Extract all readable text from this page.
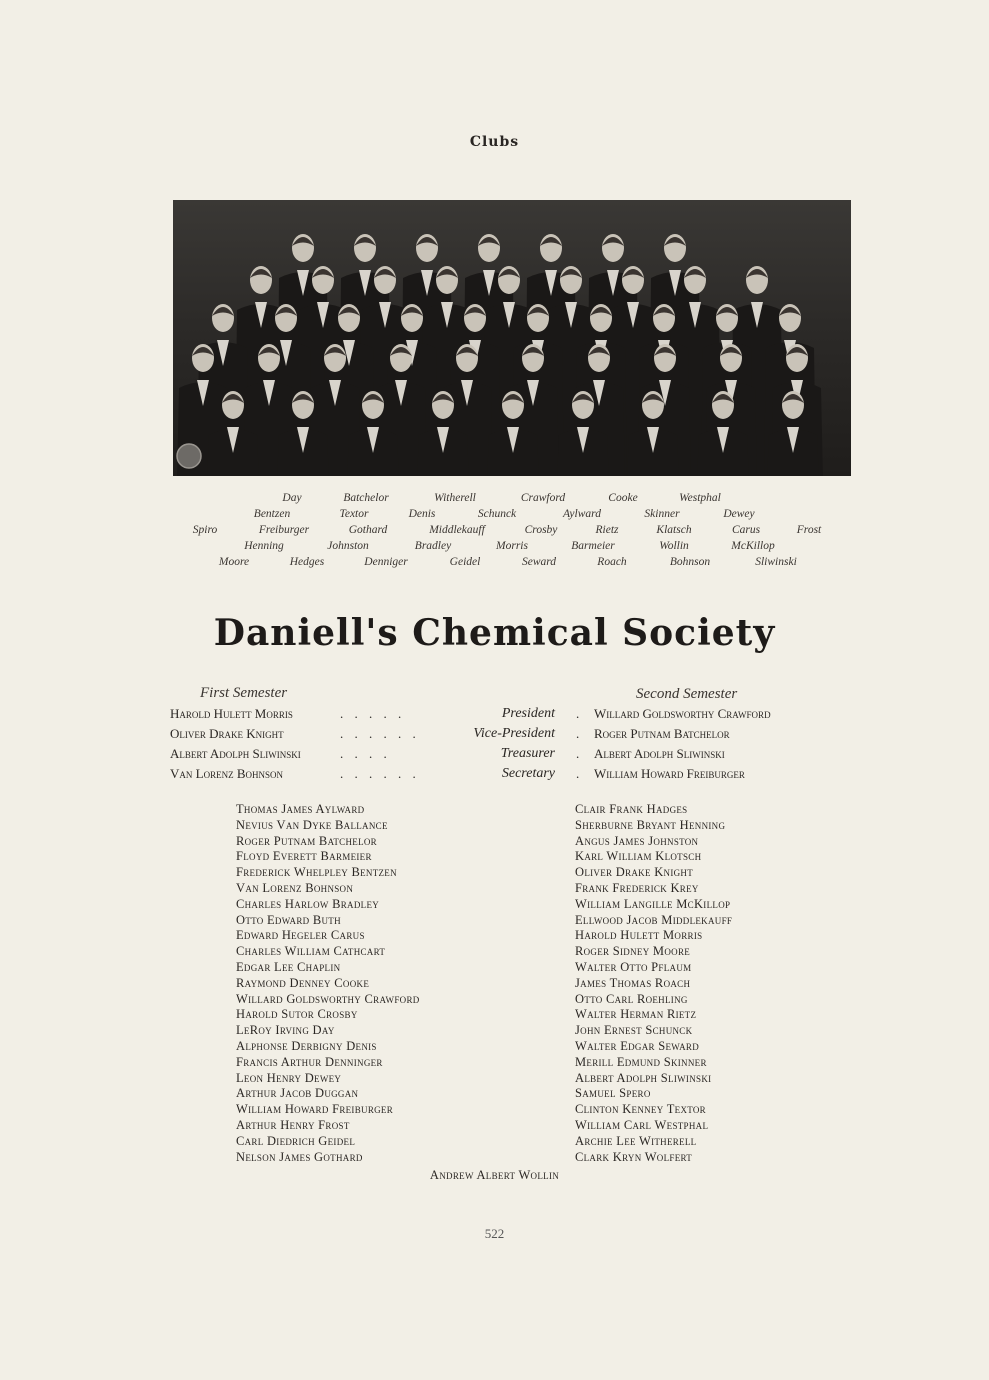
Clubs
Day	Batchelor	Witherell	Crawford	Cooke	Westphal
Bentzen	Textor	Denis	Schunck	Aylward	Skinner	Dewey
Spiro	Freiburger	Gothard	Middlekauff	Crosby	Rietz	Klatsch	Carus	Frost
Henning	Johnston	Bradley	Morris	Barmeier	Wollin	McKillop
Moore	Hedges	Denniger	Geidel	Seward	Roach	Bohnson	Sliwinski
Daniell's Chemical Society
First Semester	Second Semester
Harold Hulett Morris	. . . . .	President . Willard Goldsworthy Crawford
Oliver Drake Knight	. . . . . .	Vice-President . Roger Putnam Batchelor
Albert Adolph Sliwinski	. . . .	Treasurer . Albert Adolph Sliwinski
Van Lorenz Bohnson	. . . . . .	Secretary . William Howard Freiburger
Thomas James Aylward
Nevius Van Dyke Ballance
Roger Putnam Batchelor
Floyd Everett Barmeier
Frederick Whelpley Bentzen
Van Lorenz Bohnson
Charles Harlow Bradley
Otto Edward Buth
Edward Hegeler Carus
Charles William Cathcart
Edgar Lee Chaplin
Raymond Denney Cooke
Willard Goldsworthy Crawford
Harold Sutor Crosby
LeRoy Irving Day
Alphonse Derbigny Denis
Francis Arthur Denninger
Leon Henry Dewey
Arthur Jacob Duggan
William Howard Freiburger
Arthur Henry Frost
Carl Diedrich Geidel
Nelson James Gothard
Clair Frank Hadges
Sherburne Bryant Henning
Angus James Johnston
Karl William Klotsch
Oliver Drake Knight
Frank Frederick Krey
William Langille McKillop
Ellwood Jacob Middlekauff
Harold Hulett Morris
Roger Sidney Moore
Walter Otto Pflaum
James Thomas Roach
Otto Carl Roehling
Walter Herman Rietz
John Ernest Schunck
Walter Edgar Seward
Merill Edmund Skinner
Albert Adolph Sliwinski
Samuel Spero
Clinton Kenney Textor
William Carl Westphal
Archie Lee Witherell
Clark Kryn Wolfert
Andrew Albert Wollin
522
